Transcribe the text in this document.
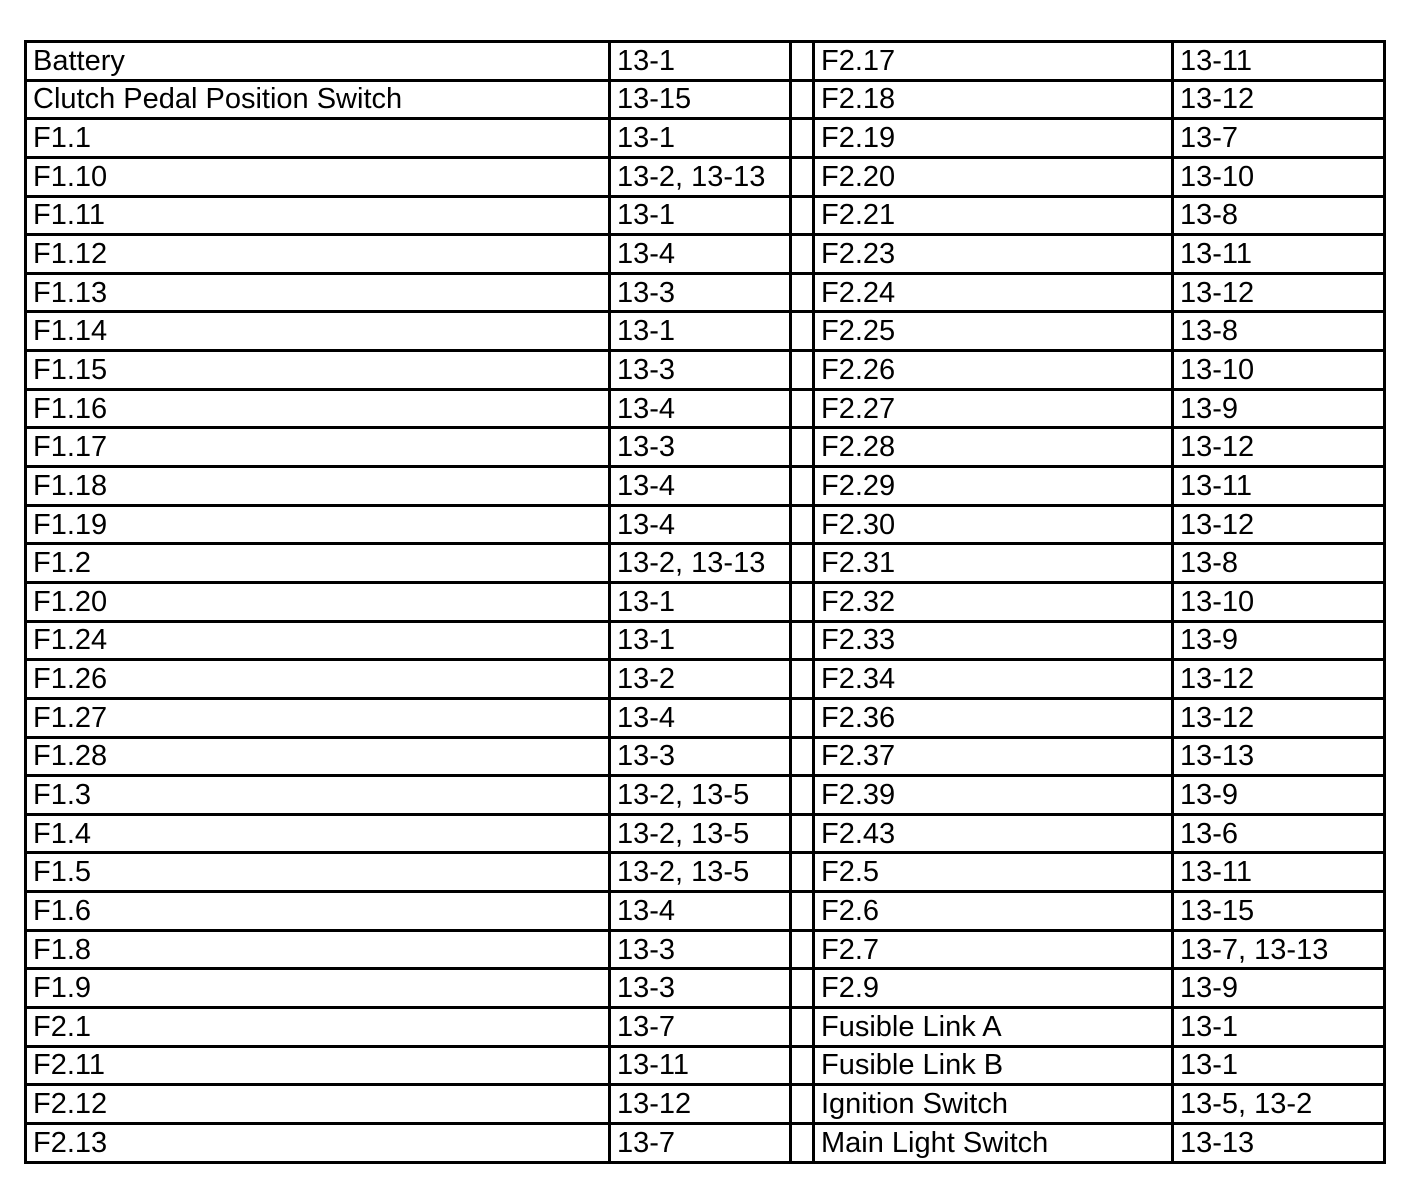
Battery	13-1		F2.17	13-11
Clutch Pedal Position Switch	13-15		F2.18	13-12
F1.1	13-1		F2.19	13-7
F1.10	13-2, 13-13		F2.20	13-10
F1.11	13-1		F2.21	13-8
F1.12	13-4		F2.23	13-11
F1.13	13-3		F2.24	13-12
F1.14	13-1		F2.25	13-8
F1.15	13-3		F2.26	13-10
F1.16	13-4		F2.27	13-9
F1.17	13-3		F2.28	13-12
F1.18	13-4		F2.29	13-11
F1.19	13-4		F2.30	13-12
F1.2	13-2, 13-13		F2.31	13-8
F1.20	13-1		F2.32	13-10
F1.24	13-1		F2.33	13-9
F1.26	13-2		F2.34	13-12
F1.27	13-4		F2.36	13-12
F1.28	13-3		F2.37	13-13
F1.3	13-2, 13-5		F2.39	13-9
F1.4	13-2, 13-5		F2.43	13-6
F1.5	13-2, 13-5		F2.5	13-11
F1.6	13-4		F2.6	13-15
F1.8	13-3		F2.7	13-7, 13-13
F1.9	13-3		F2.9	13-9
F2.1	13-7		Fusible Link A	13-1
F2.11	13-11		Fusible Link B	13-1
F2.12	13-12		Ignition Switch	13-5, 13-2
F2.13	13-7		Main Light Switch	13-13
